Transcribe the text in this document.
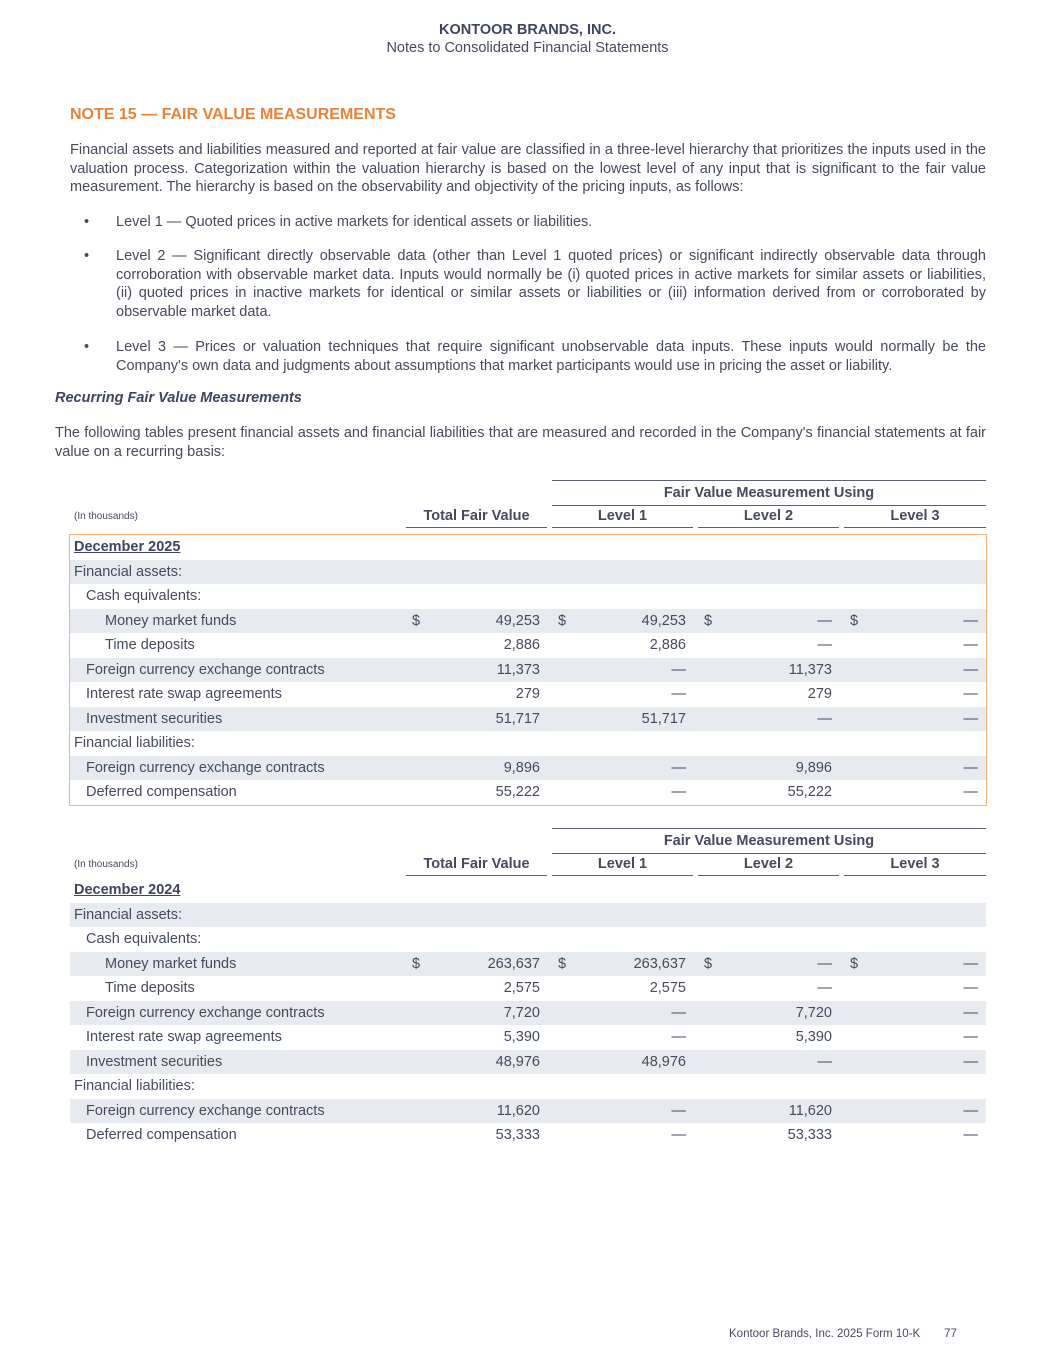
KONTOOR BRANDS, INC.
Notes to Consolidated Financial Statements
NOTE 15 — FAIR VALUE MEASUREMENTS
Financial assets and liabilities measured and reported at fair value are classified in a three-level hierarchy that prioritizes the inputs used in the valuation process. Categorization within the valuation hierarchy is based on the lowest level of any input that is significant to the fair value measurement. The hierarchy is based on the observability and objectivity of the pricing inputs, as follows:
• Level 1 — Quoted prices in active markets for identical assets or liabilities.
• Level 2 — Significant directly observable data (other than Level 1 quoted prices) or significant indirectly observable data through corroboration with observable market data. Inputs would normally be (i) quoted prices in active markets for similar assets or liabilities, (ii) quoted prices in inactive markets for identical or similar assets or liabilities or (iii) information derived from or corroborated by observable market data.
• Level 3 — Prices or valuation techniques that require significant unobservable data inputs. These inputs would normally be the Company's own data and judgments about assumptions that market participants would use in pricing the asset or liability.
Recurring Fair Value Measurements
The following tables present financial assets and financial liabilities that are measured and recorded in the Company's financial statements at fair value on a recurring basis:
Fair Value Measurement Using
(In thousands)	Total Fair Value	Level 1	Level 2	Level 3
December 2025
Financial assets:
Cash equivalents:
Money market funds	$	49,253 $	49,253 $	— $	—
Time deposits	2,886	2,886	—	—
Foreign currency exchange contracts	11,373	—	11,373	—
Interest rate swap agreements	279	—	279	—
Investment securities	51,717	51,717	—	—
Financial liabilities:
Foreign currency exchange contracts	9,896	—	9,896	—
Deferred compensation	55,222	—	55,222	—
Fair Value Measurement Using
(In thousands)	Total Fair Value	Level 1	Level 2	Level 3
December 2024
Financial assets:
Cash equivalents:
Money market funds	$	263,637 $	263,637 $	— $	—
Time deposits	2,575	2,575	—	—
Foreign currency exchange contracts	7,720	—	7,720	—
Interest rate swap agreements	5,390	—	5,390	—
Investment securities	48,976	48,976	—	—
Financial liabilities:
Foreign currency exchange contracts	11,620	—	11,620	—
Deferred compensation	53,333	—	53,333	—
Kontoor Brands, Inc. 2025 Form 10-K 77
